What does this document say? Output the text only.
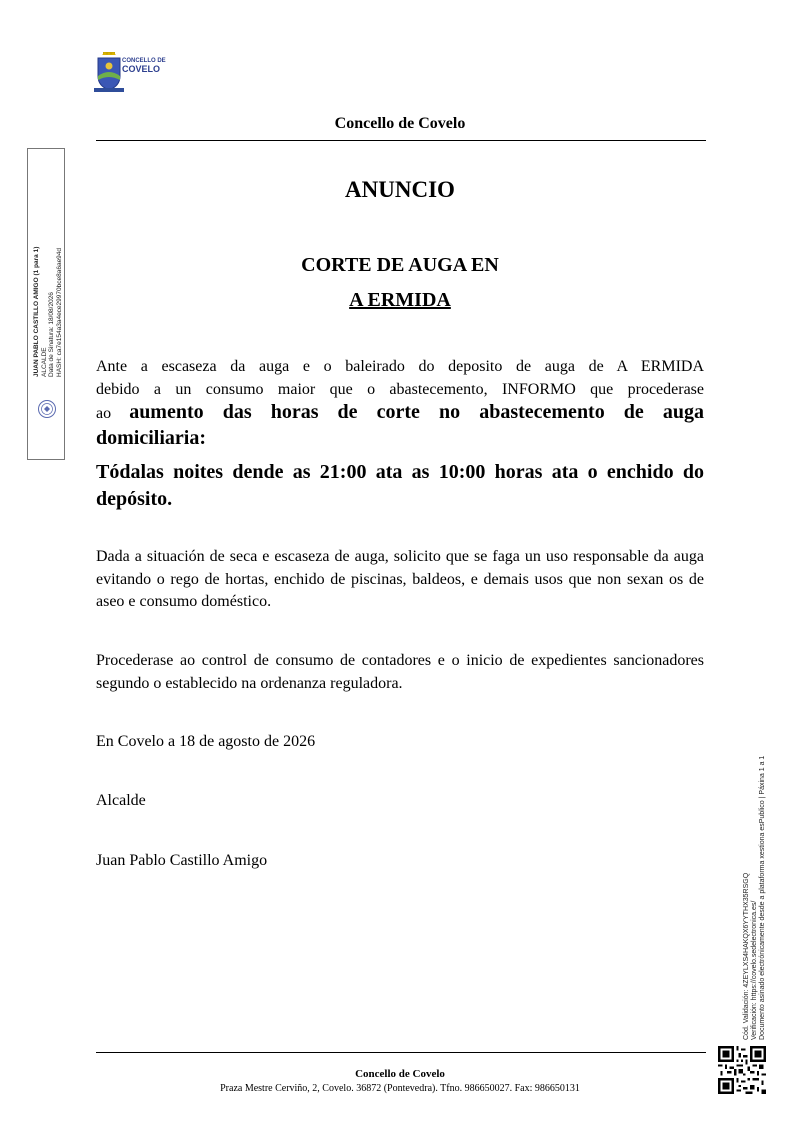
CONCELLO DE
COVELO
Concello de Covelo
ANUNCIO
CORTE DE AUGA EN
A ERMIDA
Ante a escaseza da auga e o baleirado do deposito de auga de A ERMIDA
debido a un consumo maior que o abastecemento, INFORMO que procederase
ao aumento das horas de corte no abastecemento de auga
domiciliaria:
Tódalas noites dende as 21:00 ata as 10:00 horas ata o enchido do depósito.
Dada a situación de seca e escaseza de auga, solicito que se faga un uso responsable da auga evitando o rego de hortas, enchido de piscinas, baldeos, e demais usos que non sexan os de aseo e consumo doméstico.
Procederase ao control de consumo de contadores e o inicio de expedientes sancionadores segundo o establecido na ordenanza reguladora.
En Covelo a 18 de agosto de 2026
Alcalde
Juan Pablo Castillo Amigo
Concello de Covelo
Praza Mestre Cerviño, 2, Covelo. 36872 (Pontevedra). Tfno. 986650027. Fax: 986650131
JUAN PABLO CASTILLO AMIGO (1 para 1) ALCALDE Data de Sinatura: 18/08/2026 HASH: ca7e154a3a4ece29970bce8a6ae94d
Cód. Validación: 4ZEYLXS4HAKQX6YYTHX35RSGQ Verificación: https://covelo.sedelectronica.es/ Documento asinado electrónicamente desde a plataforma xestiona esPublico | Páxina 1 a 1
